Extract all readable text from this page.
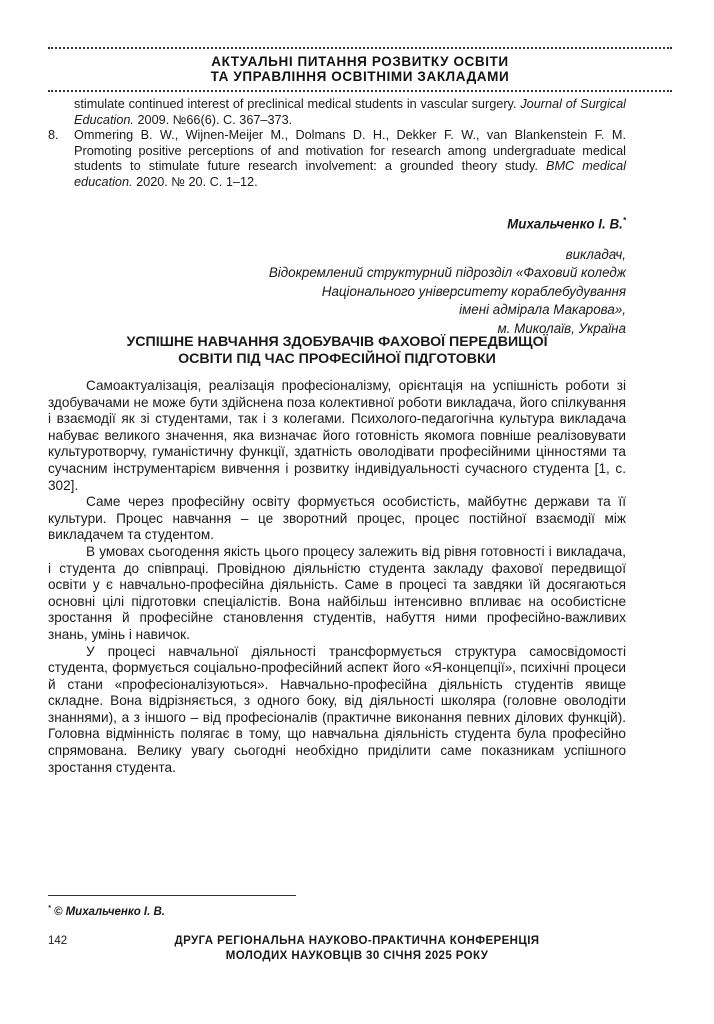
АКТУАЛЬНІ ПИТАННЯ РОЗВИТКУ ОСВІТИ
ТА УПРАВЛІННЯ ОСВІТНІМИ ЗАКЛАДАМИ
stimulate continued interest of preclinical medical students in vascular surgery. Journal of Surgical Education. 2009. №66(6). С. 367–373.
8.	Ommering B. W., Wijnen-Meijer M., Dolmans D. H., Dekker F. W., van Blankenstein F. M. Promoting positive perceptions of and motivation for research among undergraduate medical students to stimulate future research involvement: a grounded theory study. BMC medical education. 2020. № 20. С. 1–12.
Михальченко І. В.*
викладач,
Відокремлений структурний підрозділ «Фаховий коледж
Національного університету кораблебудування
імені адмірала Макарова»,
м. Миколаїв, Україна
УСПІШНЕ НАВЧАННЯ ЗДОБУВАЧІВ ФАХОВОЇ ПЕРЕДВИЩОЇ
ОСВІТИ ПІД ЧАС ПРОФЕСІЙНОЇ ПІДГОТОВКИ

Самоактуалізація, реалізація професіоналізму, орієнтація на успішність роботи зі здобувачами не може бути здійснена поза колективної роботи викладача, його спілкування і взаємодії як зі студентами, так і з колегами. Психолого-педагогічна культура викладача набуває великого значення, яка визначає його готовність якомога повніше реалізовувати культуротворчу, гуманістичну функції, здатність оволодівати професійними цінностями та сучасним інструментарієм вивчення і розвитку індивідуальності сучасного студента [1, с. 302].

Саме через професійну освіту формується особистість, майбутнє держави та її культури. Процес навчання – це зворотний процес, процес постійної взаємодії між викладачем та студентом.

В умовах сьогодення якість цього процесу залежить від рівня готовності і викладача, і студента до співпраці. Провідною діяльністю студента закладу фахової передвищої освіти у є навчально-професійна діяльність. Саме в процесі та завдяки їй досягаються основні цілі підготовки спеціалістів. Вона найбільш інтенсивно впливає на особистісне зростання й професійне становлення студентів, набуття ними професійно-важливих знань, умінь і навичок.

У процесі навчальної діяльності трансформується структура самосвідомості студента, формується соціально-професійний аспект його «Я-концепції», психічні процеси й стани «професіоналізуються». Навчально-професійна діяльність студентів явище складне. Вона відрізняється, з одного боку, від діяльності школяра (головне оволодіти знаннями), а з іншого – від професіоналів (практичне виконання певних ділових функцій). Головна відмінність полягає в тому, що навчальна діяльність студента була професійно спрямована. Велику увагу сьогодні необхідно приділити саме показникам успішного зростання студента.

* © Михальченко І. В.
142	ДРУГА РЕГІОНАЛЬНА НАУКОВО-ПРАКТИЧНА КОНФЕРЕНЦІЯ
МОЛОДИХ НАУКОВЦІВ 30 СІЧНЯ 2025 РОКУ
